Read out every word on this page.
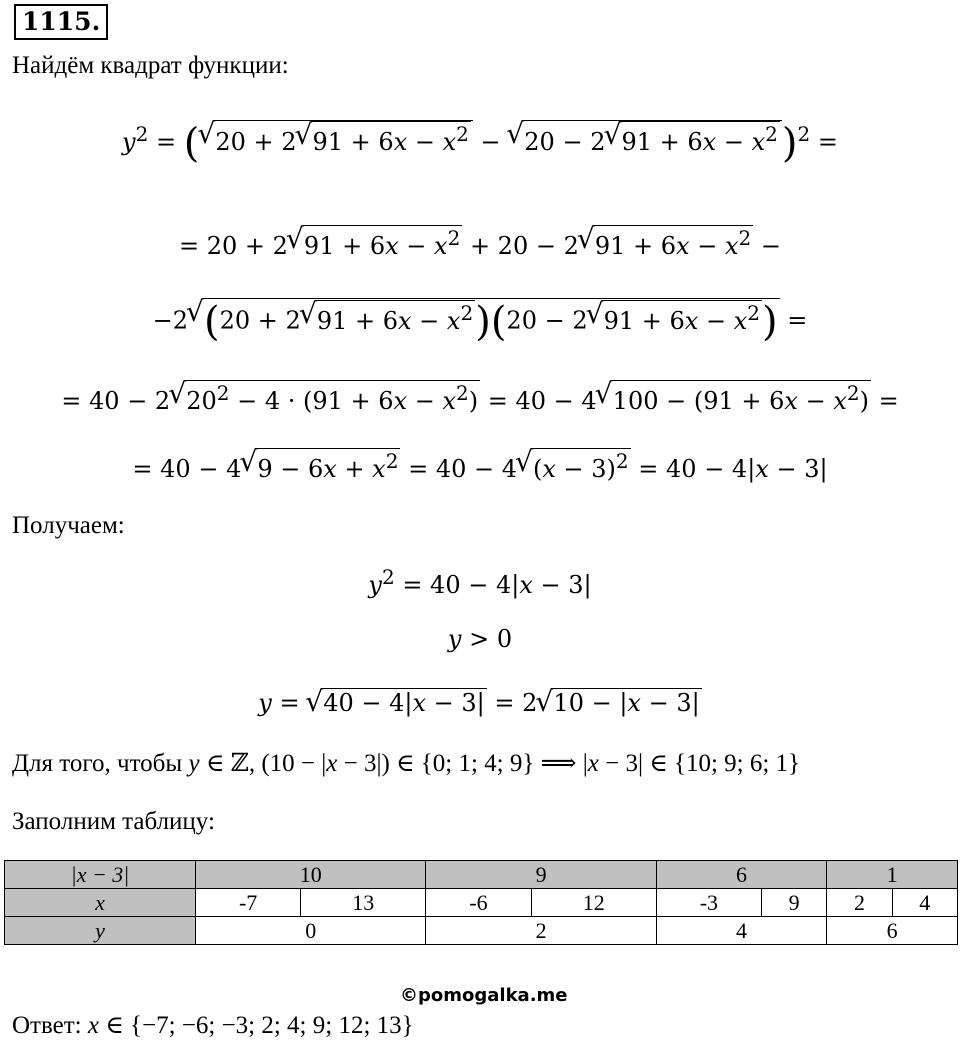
1115.
Найдём квадрат функции:
$y^2$ = ( √ 20 + 2 √ $91 + 6x - x^2$ − √ 20 − 2 √ $91 + 6x - x^2$ )$^2$ =
= 20 + 2 √ $91 + 6x - x^2 + 20 - 2$ √ $91 + 6x - x^2$ −
−2 √ (20 + 2 √ $91 + 6x - x^2)(20 - 2$ √ $91 + 6x - x^2$) =
= 40 − 2 √ $20^2 - 4 \cdot (91 + 6x - x^2) = 40 - 4$ √ $100 - (91 + 6x - x^2)$ =
= 40 − 4 √ $9 - 6x + x^2 = 40 - 4$ √ $(x - 3)^2 = 40 - 4|x - 3|$
Получаем:
$y^2 = 40 - 4|x - 3|$
y > 0
y = √ 40 − 4|x − 3| = 2 √ 10 − |x − 3|
Для того, чтобы y ∈ ℤ, (10 − |x − 3|) ∈ {0; 1; 4; 9} ⟹ |x − 3| ∈ {10; 9; 6; 1}
Заполним таблицу:
|x − 3|	10		9		6		1	
x	-7	13	-6	12	-3	9	2	4
y	0		2		4		6	
©pomogalka.me
Ответ: x ∈ {−7; −6; −3; 2; 4; 9; 12; 13}
